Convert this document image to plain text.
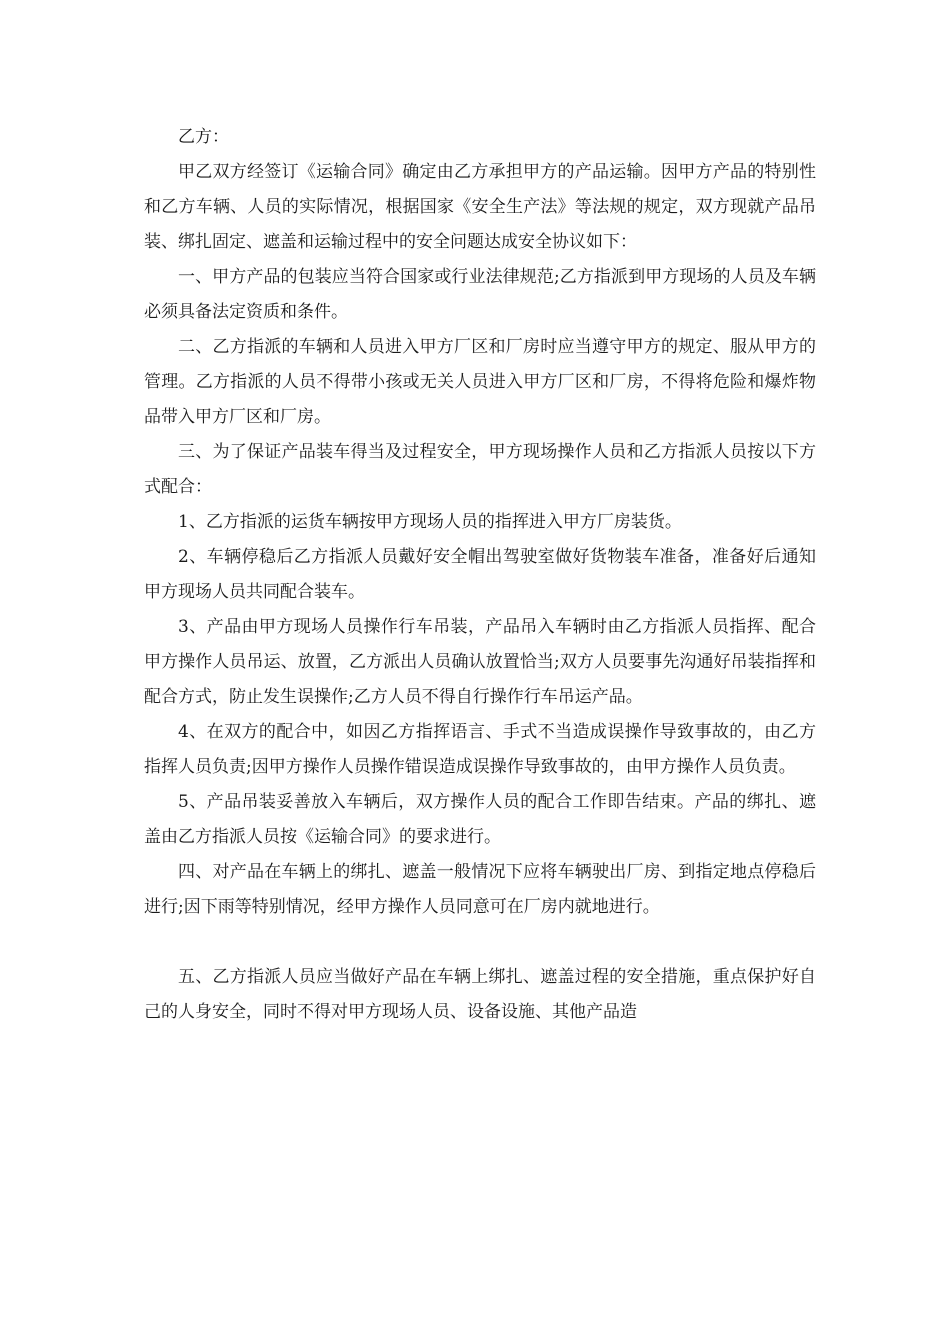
乙方：

甲乙双方经签订《运输合同》确定由乙方承担甲方的产品运输。因甲方产品的特别性和乙方车辆、人员的实际情况，根据国家《安全生产法》等法规的规定，双方现就产品吊装、绑扎固定、遮盖和运输过程中的安全问题达成安全协议如下：

一、甲方产品的包装应当符合国家或行业法律规范;乙方指派到甲方现场的人员及车辆必须具备法定资质和条件。

二、乙方指派的车辆和人员进入甲方厂区和厂房时应当遵守甲方的规定、服从甲方的管理。乙方指派的人员不得带小孩或无关人员进入甲方厂区和厂房，不得将危险和爆炸物品带入甲方厂区和厂房。

三、为了保证产品装车得当及过程安全，甲方现场操作人员和乙方指派人员按以下方式配合：

1、乙方指派的运货车辆按甲方现场人员的指挥进入甲方厂房装货。

2、车辆停稳后乙方指派人员戴好安全帽出驾驶室做好货物装车准备，准备好后通知甲方现场人员共同配合装车。

3、产品由甲方现场人员操作行车吊装，产品吊入车辆时由乙方指派人员指挥、配合甲方操作人员吊运、放置，乙方派出人员确认放置恰当;双方人员要事先沟通好吊装指挥和配合方式，防止发生误操作;乙方人员不得自行操作行车吊运产品。

4、在双方的配合中，如因乙方指挥语言、手式不当造成误操作导致事故的，由乙方指挥人员负责;因甲方操作人员操作错误造成误操作导致事故的，由甲方操作人员负责。

5、产品吊装妥善放入车辆后，双方操作人员的配合工作即告结束。产品的绑扎、遮盖由乙方指派人员按《运输合同》的要求进行。

四、对产品在车辆上的绑扎、遮盖一般情况下应将车辆驶出厂房、到指定地点停稳后进行;因下雨等特别情况，经甲方操作人员同意可在厂房内就地进行。

五、乙方指派人员应当做好产品在车辆上绑扎、遮盖过程的安全措施，重点保护好自己的人身安全，同时不得对甲方现场人员、设备设施、其他产品造
